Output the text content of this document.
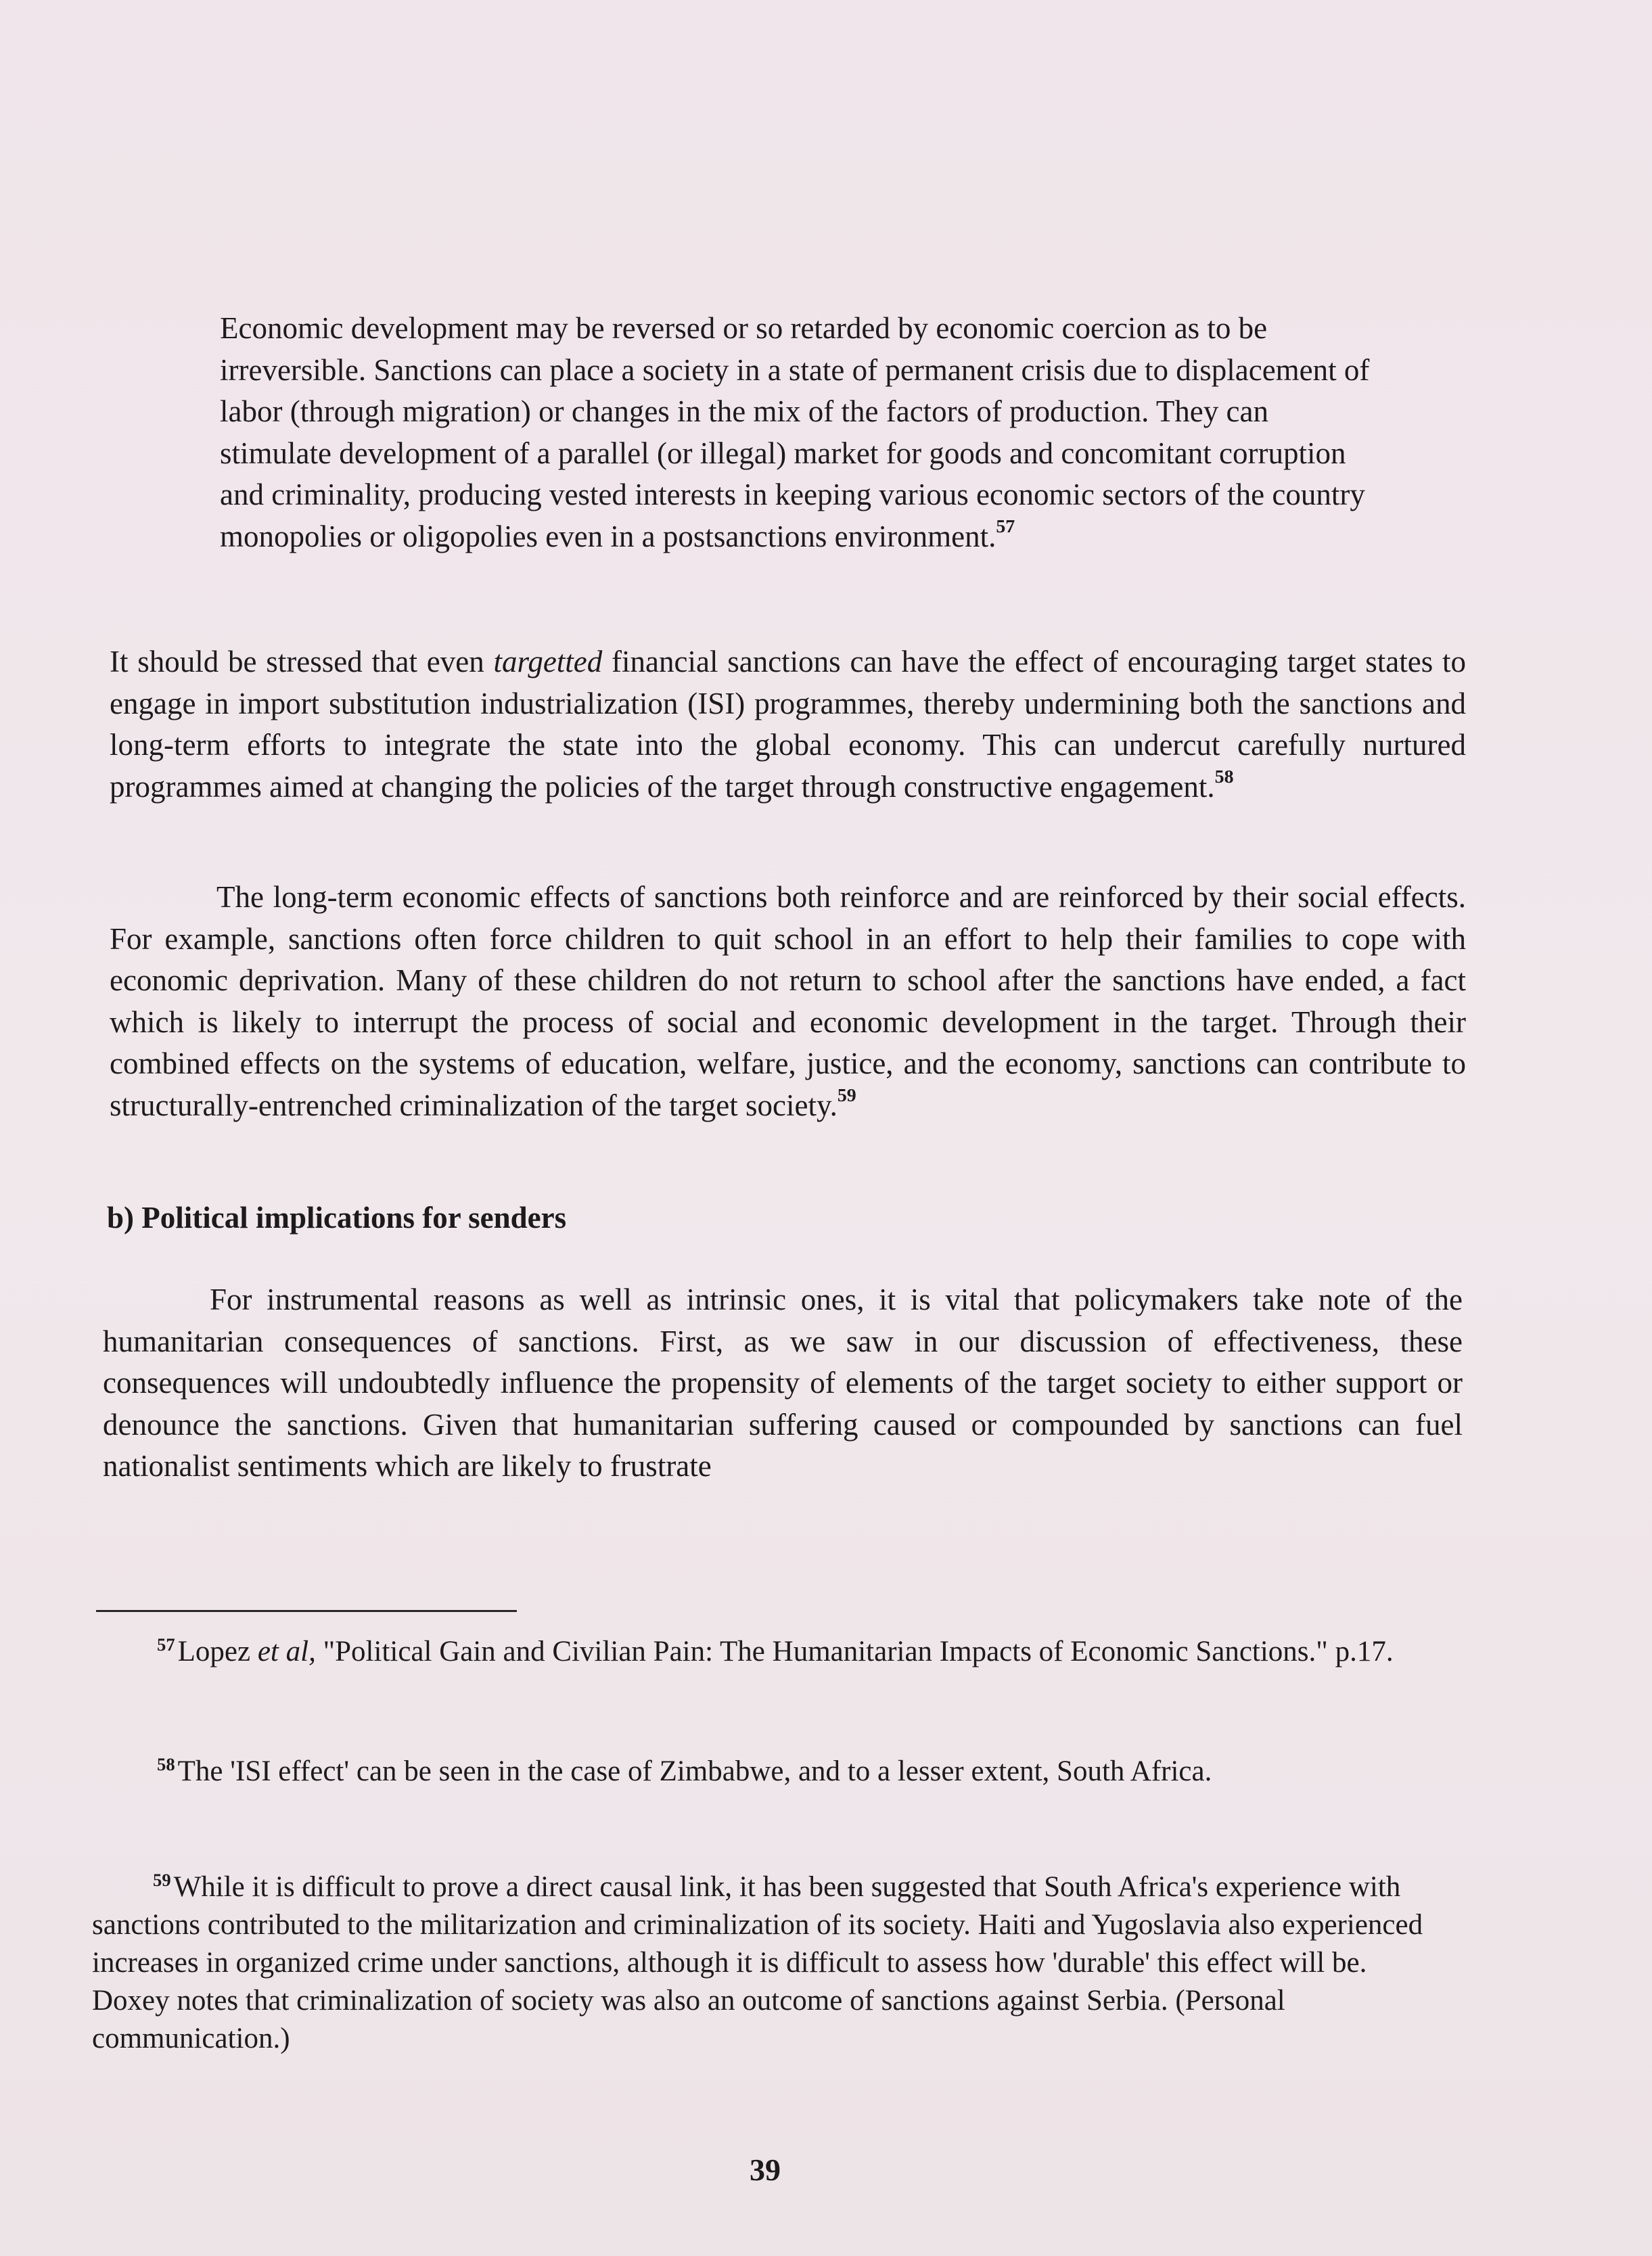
Economic development may be reversed or so retarded by economic coercion as to be irreversible. Sanctions can place a society in a state of permanent crisis due to displacement of labor (through migration) or changes in the mix of the factors of production. They can stimulate development of a parallel (or illegal) market for goods and concomitant corruption and criminality, producing vested interests in keeping various economic sectors of the country monopolies or oligopolies even in a postsanctions environment.$^{57}$

It should be stressed that even targetted financial sanctions can have the effect of encouraging target states to engage in import substitution industrialization (ISI) programmes, thereby undermining both the sanctions and long-term efforts to integrate the state into the global economy. This can undercut carefully nurtured programmes aimed at changing the policies of the target through constructive engagement.$^{58}$

The long-term economic effects of sanctions both reinforce and are reinforced by their social effects. For example, sanctions often force children to quit school in an effort to help their families to cope with economic deprivation. Many of these children do not return to school after the sanctions have ended, a fact which is likely to interrupt the process of social and economic development in the target. Through their combined effects on the systems of education, welfare, justice, and the economy, sanctions can contribute to structurally-entrenched criminalization of the target society.$^{59}$

b) Political implications for senders

For instrumental reasons as well as intrinsic ones, it is vital that policymakers take note of the humanitarian consequences of sanctions. First, as we saw in our discussion of effectiveness, these consequences will undoubtedly influence the propensity of elements of the target society to either support or denounce the sanctions. Given that humanitarian suffering caused or compounded by sanctions can fuel nationalist sentiments which are likely to frustrate

$^{57}$Lopez et al, "Political Gain and Civilian Pain: The Humanitarian Impacts of Economic Sanctions." p.17.

$^{58}$The 'ISI effect' can be seen in the case of Zimbabwe, and to a lesser extent, South Africa.

$^{59}$While it is difficult to prove a direct causal link, it has been suggested that South Africa's experience with sanctions contributed to the militarization and criminalization of its society. Haiti and Yugoslavia also experienced increases in organized crime under sanctions, although it is difficult to assess how 'durable' this effect will be. Doxey notes that criminalization of society was also an outcome of sanctions against Serbia. (Personal communication.)

39
